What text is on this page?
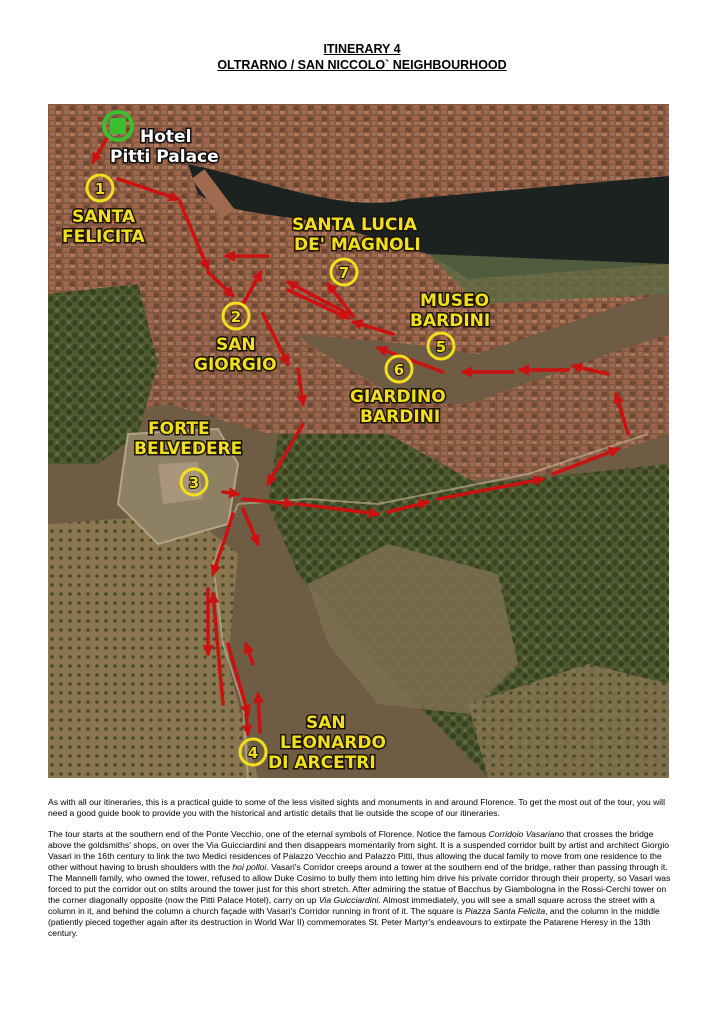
ITINERARY 4
OLTRARNO / SAN NICCOLO` NEIGHBOURHOOD
Hotel
Pitti Palace
1
SANTA
FELICITA
2
SAN
GIORGIO
FORTE
BELVEDERE
3
4
SAN
LEONARDO
DI ARCETRI
MUSEO
BARDINI
5
6
GIARDINO
BARDINI
SANTA LUCIA
DE' MAGNOLI
7

As with all our itineraries, this is a practical guide to some of the less visited sights and monuments in and around Florence. To get the most out of the tour, you will need a good guide book to provide you with the historical and artistic details that lie outside the scope of our itineraries.

The tour starts at the southern end of the Ponte Vecchio, one of the eternal symbols of Florence. Notice the famous Corridoio Vasariano that crosses the bridge above the goldsmiths' shops, on over the Via Guicciardini and then disappears momentarily from sight. It is a suspended corridor built by artist and architect Giorgio Vasari in the 16th century to link the two Medici residences of Palazzo Vecchio and Palazzo Pitti, thus allowing the ducal family to move from one residence to the other without having to brush shoulders with the hoi polloi. Vasari's Corridor creeps around a tower at the southern end of the bridge, rather than passing through it. The Mannelli family, who owned the tower, refused to allow Duke Cosimo to bully them into letting him drive his private corridor through their property, so Vasari was forced to put the corridor out on stilts around the tower just for this short stretch. After admiring the statue of Bacchus by Giambologna in the Rossi-Cerchi tower on the corner diagonally opposite (now the Pitti Palace Hotel), carry on up Via Guicciardini. Almost immediately, you will see a small square across the street with a column in it, and behind the column a church façade with Vasari's Corridor running in front of it. The square is Piazza Santa Felicita, and the column in the middle (patiently pieced together again after its destruction in World War II) commemorates St. Peter Martyr's endeavours to extirpate the Patarene Heresy in the 13th century.
